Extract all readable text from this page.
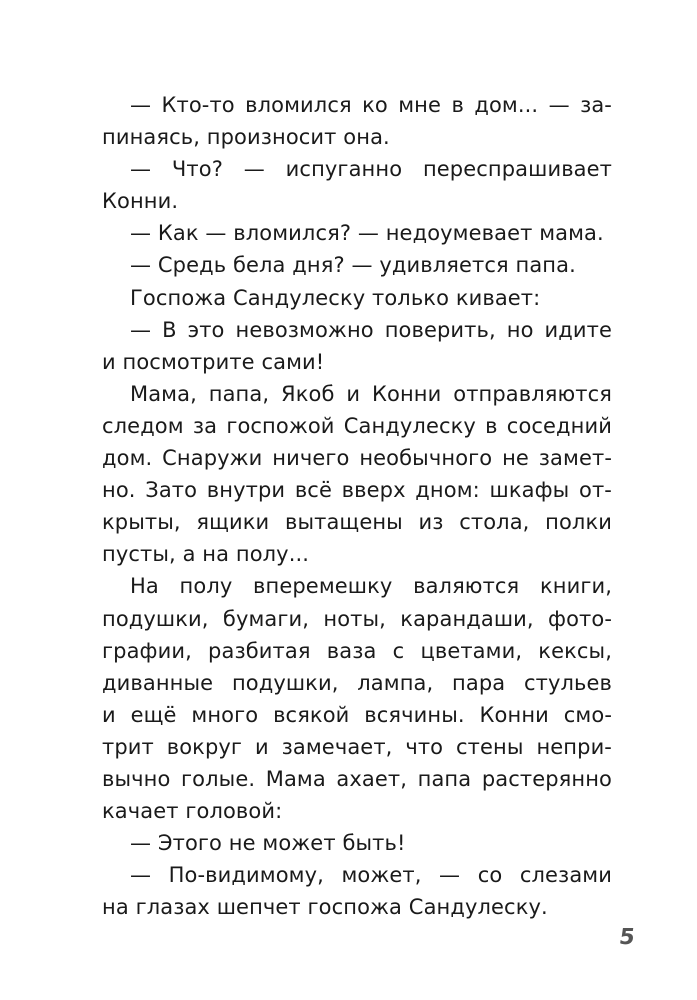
— Кто-то вломился ко мне в дом... — за-
пинаясь, произносит она.
— Что? — испуганно переспрашивает
Конни.
— Как — вломился? — недоумевает мама.
— Средь бела дня? — удивляется папа.
Госпожа Сандулеску только кивает:
— В это невозможно поверить, но идите
и посмотрите сами!
Мама, папа, Якоб и Конни отправляются
следом за госпожой Сандулеску в соседний
дом. Снаружи ничего необычного не замет-
но. Зато внутри всё вверх дном: шкафы от-
крыты, ящики вытащены из стола, полки
пусты, а на полу...
На полу вперемешку валяются книги,
подушки, бумаги, ноты, карандаши, фото-
графии, разбитая ваза с цветами, кексы,
диванные подушки, лампа, пара стульев
и ещё много всякой всячины. Конни смо-
трит вокруг и замечает, что стены непри-
вычно голые. Мама ахает, папа растерянно
качает головой:
— Этого не может быть!
— По-видимому, может, — со слезами
на глазах шепчет госпожа Сандулеску.
5
